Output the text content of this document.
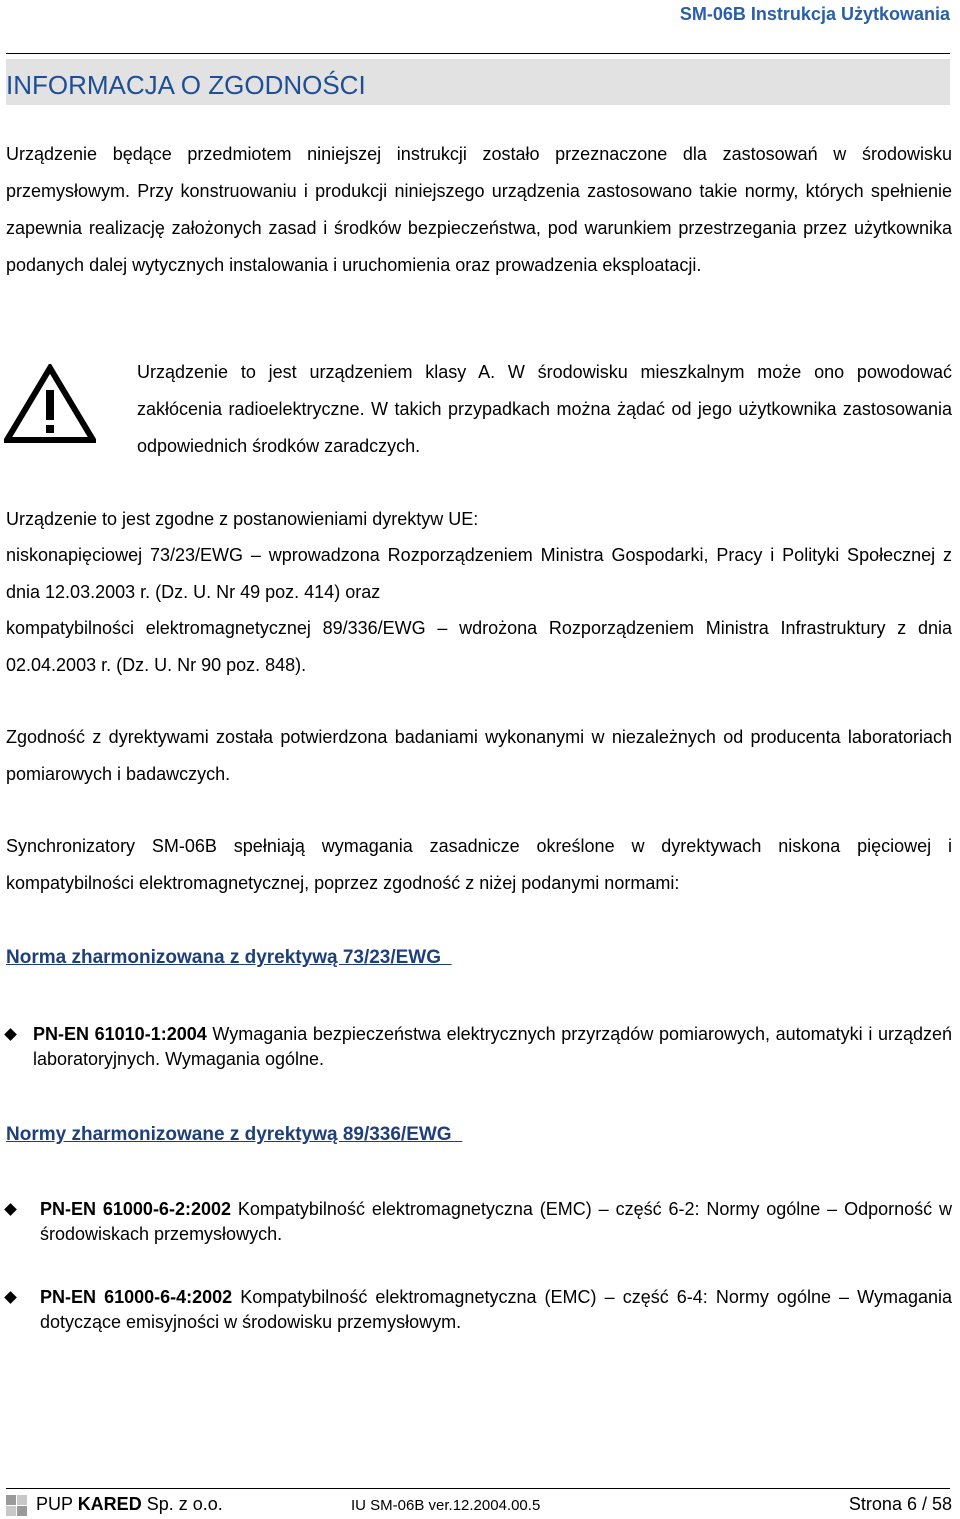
SM-06B Instrukcja Użytkowania
INFORMACJA O ZGODNOŚCI

Urządzenie będące przedmiotem niniejszej instrukcji zostało przeznaczone dla zastosowań w środowisku przemysłowym. Przy konstruowaniu i produkcji niniejszego urządzenia zastosowano takie normy, których spełnienie zapewnia realizację założonych zasad i środków bezpieczeństwa, pod warunkiem przestrzegania przez użytkownika podanych dalej wytycznych instalowania i uruchomienia oraz prowadzenia eksploatacji.

Urządzenie to jest urządzeniem klasy A. W środowisku mieszkalnym może ono powodować zakłócenia radioelektryczne. W takich przypadkach można żądać od jego użytkownika zastosowania odpowiednich środków zaradczych.

Urządzenie to jest zgodne z postanowieniami dyrektyw UE:

niskonapięciowej 73/23/EWG – wprowadzona Rozporządzeniem Ministra Gospodarki, Pracy i Polityki Społecznej z dnia 12.03.2003 r. (Dz. U. Nr 49 poz. 414) oraz

kompatybilności elektromagnetycznej 89/336/EWG – wdrożona Rozporządzeniem Ministra Infrastruktury z dnia 02.04.2003 r. (Dz. U. Nr 90 poz. 848).

Zgodność z dyrektywami została potwierdzona badaniami wykonanymi w niezależnych od producenta laboratoriach pomiarowych i badawczych.

Synchronizatory SM-06B spełniają wymagania zasadnicze określone w dyrektywach niskona pięciowej i kompatybilności elektromagnetycznej, poprzez zgodność z niżej podanymi normami:

Norma zharmonizowana z dyrektywą 73/23/EWG

PN-EN 61010-1:2004 Wymagania bezpieczeństwa elektrycznych przyrządów pomiarowych, automatyki i urządzeń laboratoryjnych. Wymagania ogólne.

Normy zharmonizowane z dyrektywą 89/336/EWG

PN-EN 61000-6-2:2002 Kompatybilność elektromagnetyczna (EMC) – część 6-2: Normy ogólne – Odporność w środowiskach przemysłowych.

PN-EN 61000-6-4:2002 Kompatybilność elektromagnetyczna (EMC) – część 6-4: Normy ogólne – Wymagania dotyczące emisyjności w środowisku przemysłowym.

PUP KARED Sp. z o.o.	IU SM-06B ver.12.2004.00.5	Strona 6 / 58
